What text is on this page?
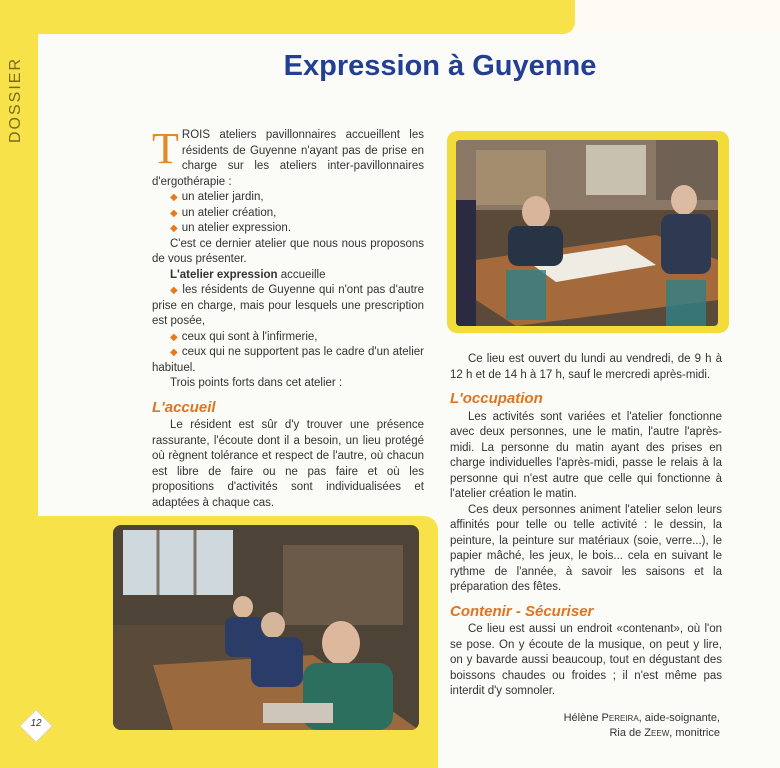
DOSSIER	Expression à Guyenne

TROIS ateliers pavillonnaires accueillent les résidents de Guyenne n'ayant pas de prise en charge sur les ateliers inter-pavillonnaires d'ergothérapie :

◆ un atelier jardin,

◆ un atelier création,

◆ un atelier expression.

C'est ce dernier atelier que nous nous proposons de vous présenter.

L'atelier expression accueille

◆ les résidents de Guyenne qui n'ont pas d'autre prise en charge, mais pour lesquels une prescription est posée,

◆ ceux qui sont à l'infirmerie,

◆ ceux qui ne supportent pas le cadre d'un atelier habituel.

Trois points forts dans cet atelier :

L'accueil

Le résident est sûr d'y trouver une présence rassurante, l'écoute dont il a besoin, un lieu protégé où règnent tolérance et respect de l'autre, où chacun est libre de faire ou ne pas faire et où les propositions d'activités sont individualisées et adaptées à chaque cas.

Ce lieu est ouvert du lundi au vendredi, de 9 h à 12 h et de 14 h à 17 h, sauf le mercredi après-midi.

L'occupation

Les activités sont variées et l'atelier fonctionne avec deux personnes, une le matin, l'autre l'après-midi. La personne du matin ayant des prises en charge individuelles l'après-midi, passe le relais à la personne qui n'est autre que celle qui fonctionne à l'atelier création le matin.

Ces deux personnes animent l'atelier selon leurs affinités pour telle ou telle activité : le dessin, la peinture, la peinture sur matériaux (soie, verre...), le papier mâché, les jeux, le bois... cela en suivant le rythme de l'année, à savoir les saisons et la préparation des fêtes.

Contenir - Sécuriser

Ce lieu est aussi un endroit «contenant», où l'on se pose. On y écoute de la musique, on peut y lire, on y bavarde aussi beaucoup, tout en dégustant des boissons chaudes ou froides ; il n'est même pas interdit d'y somnoler.

Hélène Pereira, aide-soignante,
Ria de Zeew, monitrice
12
